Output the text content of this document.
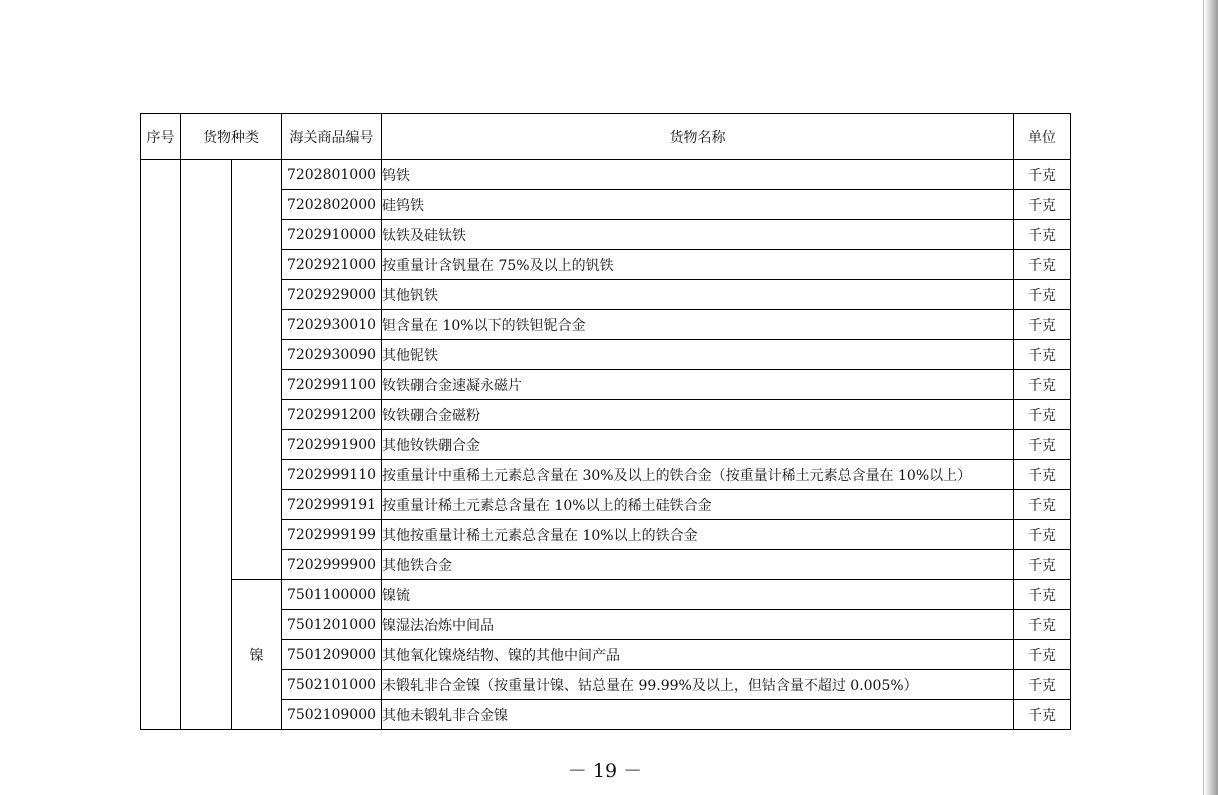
序号	货物种类		海关商品编号	货物名称	单位
			7202801000	钨铁	千克
			7202802000	硅钨铁	千克
			7202910000	钛铁及硅钛铁	千克
			7202921000	按重量计含钒量在 75%及以上的钒铁	千克
			7202929000	其他钒铁	千克
			7202930010	钽含量在 10%以下的铁钽铌合金	千克
			7202930090	其他铌铁	千克
			7202991100	钕铁硼合金速凝永磁片	千克
			7202991200	钕铁硼合金磁粉	千克
			7202991900	其他钕铁硼合金	千克
			7202999110	按重量计中重稀土元素总含量在 30%及以上的铁合金（按重量计稀土元素总含量在 10%以上）	千克
			7202999191	按重量计稀土元素总含量在 10%以上的稀土硅铁合金	千克
			7202999199	其他按重量计稀土元素总含量在 10%以上的铁合金	千克
			7202999900	其他铁合金	千克
		镍	7501100000	镍锍	千克
			7501201000	镍湿法冶炼中间品	千克
			7501209000	其他氧化镍烧结物、镍的其他中间产品	千克
			7502101000	未锻轧非合金镍（按重量计镍、钴总量在 99.99%及以上，但钴含量不超过 0.005%）	千克
			7502109000	其他未锻轧非合金镍	千克
－ 19 －
